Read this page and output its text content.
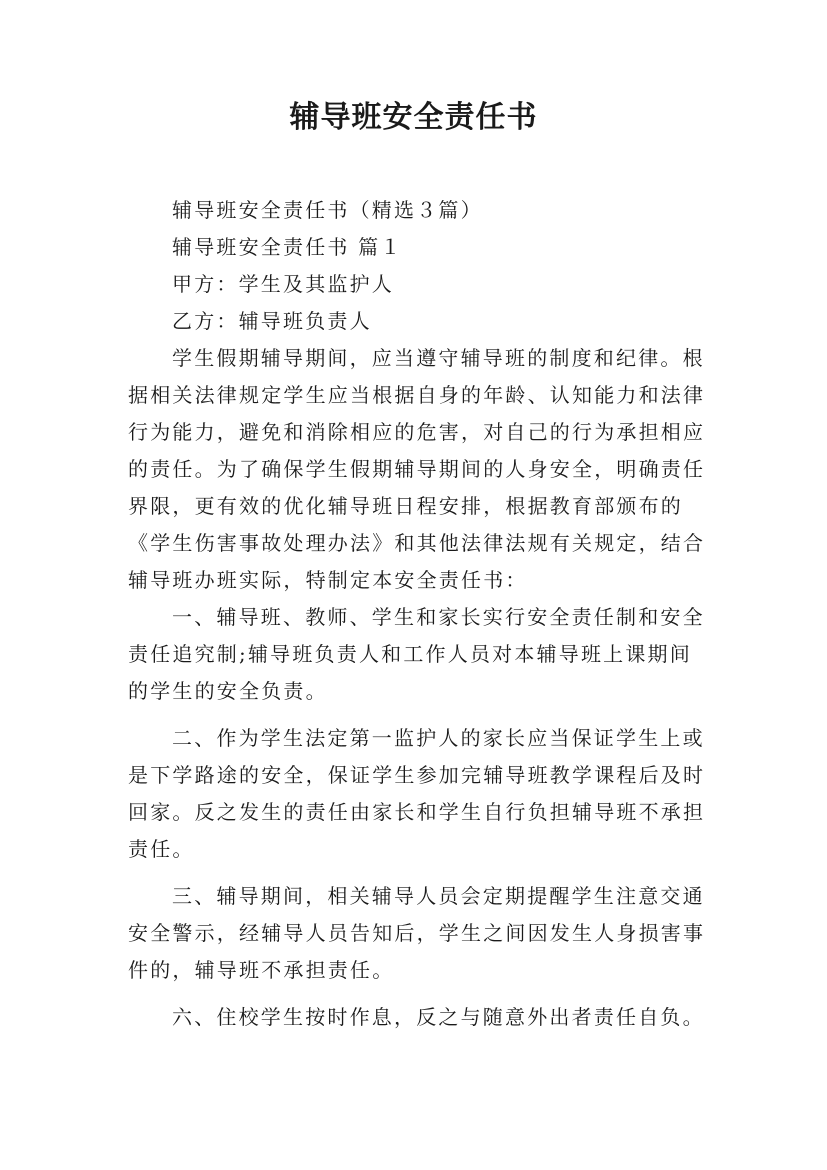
辅导班安全责任书
辅导班安全责任书（精选３篇）
辅导班安全责任书 篇１
甲方：学生及其监护人
乙方：辅导班负责人
学生假期辅导期间，应当遵守辅导班的制度和纪律。根
据相关法律规定学生应当根据自身的年龄、认知能力和法律
行为能力，避免和消除相应的危害，对自己的行为承担相应
的责任。为了确保学生假期辅导期间的人身安全，明确责任
界限，更有效的优化辅导班日程安排，根据教育部颁布的
《学生伤害事故处理办法》和其他法律法规有关规定，结合
辅导班办班实际，特制定本安全责任书：
一、辅导班、教师、学生和家长实行安全责任制和安全
责任追究制;辅导班负责人和工作人员对本辅导班上课期间
的学生的安全负责。
二、作为学生法定第一监护人的家长应当保证学生上或
是下学路途的安全，保证学生参加完辅导班教学课程后及时
回家。反之发生的责任由家长和学生自行负担辅导班不承担
责任。
三、辅导期间，相关辅导人员会定期提醒学生注意交通
安全警示，经辅导人员告知后，学生之间因发生人身损害事
件的，辅导班不承担责任。
六、住校学生按时作息，反之与随意外出者责任自负。
